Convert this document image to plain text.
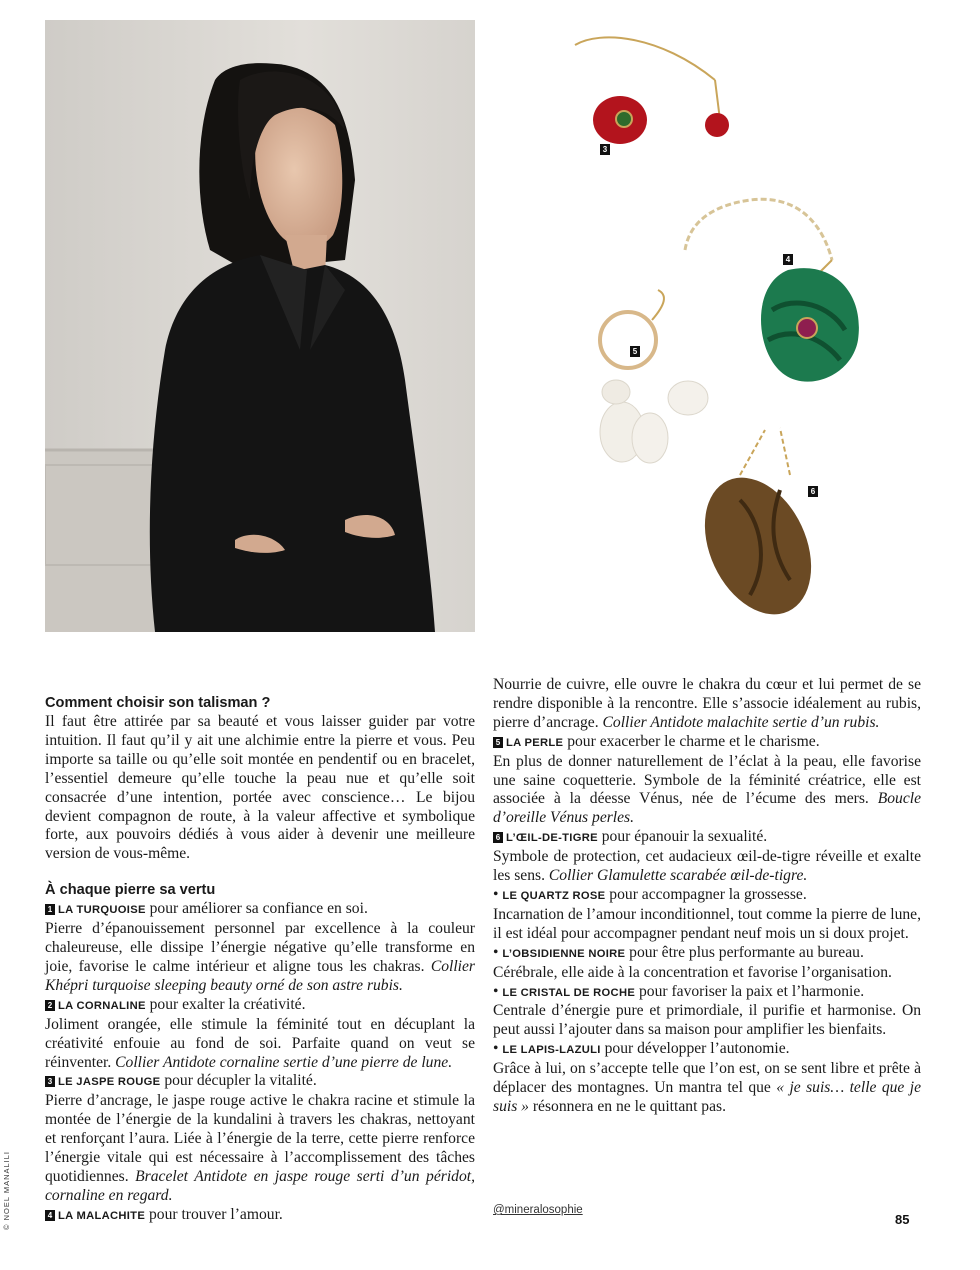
3
4
5
6
Comment choisir son talisman ?

Il faut être attirée par sa beauté et vous laisser guider par votre intuition. Il faut qu’il y ait une alchimie entre la pierre et vous. Peu importe sa taille ou qu’elle soit montée en pendentif ou en bracelet, l’essentiel demeure qu’elle touche la peau nue et qu’elle soit consacrée d’une intention, portée avec conscience… Le bijou devient compagnon de route, à la valeur affective et symbolique forte, aux pouvoirs dédiés à vous aider à devenir une meilleure version de vous-même.

À chaque pierre sa vertu

1 LA TURQUOISE pour améliorer sa confiance en soi.

Pierre d’épanouissement personnel par excellence à la couleur chaleureuse, elle dissipe l’énergie négative qu’elle transforme en joie, favorise le calme intérieur et aligne tous les chakras. Collier Khépri turquoise sleeping beauty orné de son astre rubis.

2 LA CORNALINE pour exalter la créativité.

Joliment orangée, elle stimule la féminité tout en décuplant la créativité enfouie au fond de soi. Parfaite quand on veut se réinventer. Collier Antidote cornaline sertie d’une pierre de lune.

3 LE JASPE ROUGE pour décupler la vitalité.

Pierre d’ancrage, le jaspe rouge active le chakra racine et stimule la montée de l’énergie de la kundalini à travers les chakras, nettoyant et renforçant l’aura. Liée à l’énergie de la terre, cette pierre renforce l’énergie vitale qui est nécessaire à l’accomplissement des tâches quotidiennes. Bracelet Antidote en jaspe rouge serti d’un péridot, cornaline en regard.

4 LA MALACHITE pour trouver l’amour.

Nourrie de cuivre, elle ouvre le chakra du cœur et lui permet de se rendre disponible à la rencontre. Elle s’associe idéalement au rubis, pierre d’ancrage. Collier Antidote malachite sertie d’un rubis.

5 LA PERLE pour exacerber le charme et le charisme.

En plus de donner naturellement de l’éclat à la peau, elle favorise une saine coquetterie. Symbole de la féminité créatrice, elle est associée à la déesse Vénus, née de l’écume des mers. Boucle d’oreille Vénus perles.

6 L’ŒIL-DE-TIGRE pour épanouir la sexualité.

Symbole de protection, cet audacieux œil-de-tigre réveille et exalte les sens. Collier Glamulette scarabée œil-de-tigre.

• LE QUARTZ ROSE pour accompagner la grossesse.

Incarnation de l’amour inconditionnel, tout comme la pierre de lune, il est idéal pour accompagner pendant neuf mois un si doux projet.

• L’OBSIDIENNE NOIRE pour être plus performante au bureau.

Cérébrale, elle aide à la concentration et favorise l’organisation.

• LE CRISTAL DE ROCHE pour favoriser la paix et l’harmonie.

Centrale d’énergie pure et primordiale, il purifie et harmonise. On peut aussi l’ajouter dans sa maison pour amplifier les bienfaits.

• LE LAPIS-LAZULI pour développer l’autonomie.

Grâce à lui, on s’accepte telle que l’on est, on se sent libre et prête à déplacer des montagnes. Un mantra tel que « je suis… telle que je suis » résonnera en ne le quittant pas.

© NOEL MANALILI	@mineralosophie
85
